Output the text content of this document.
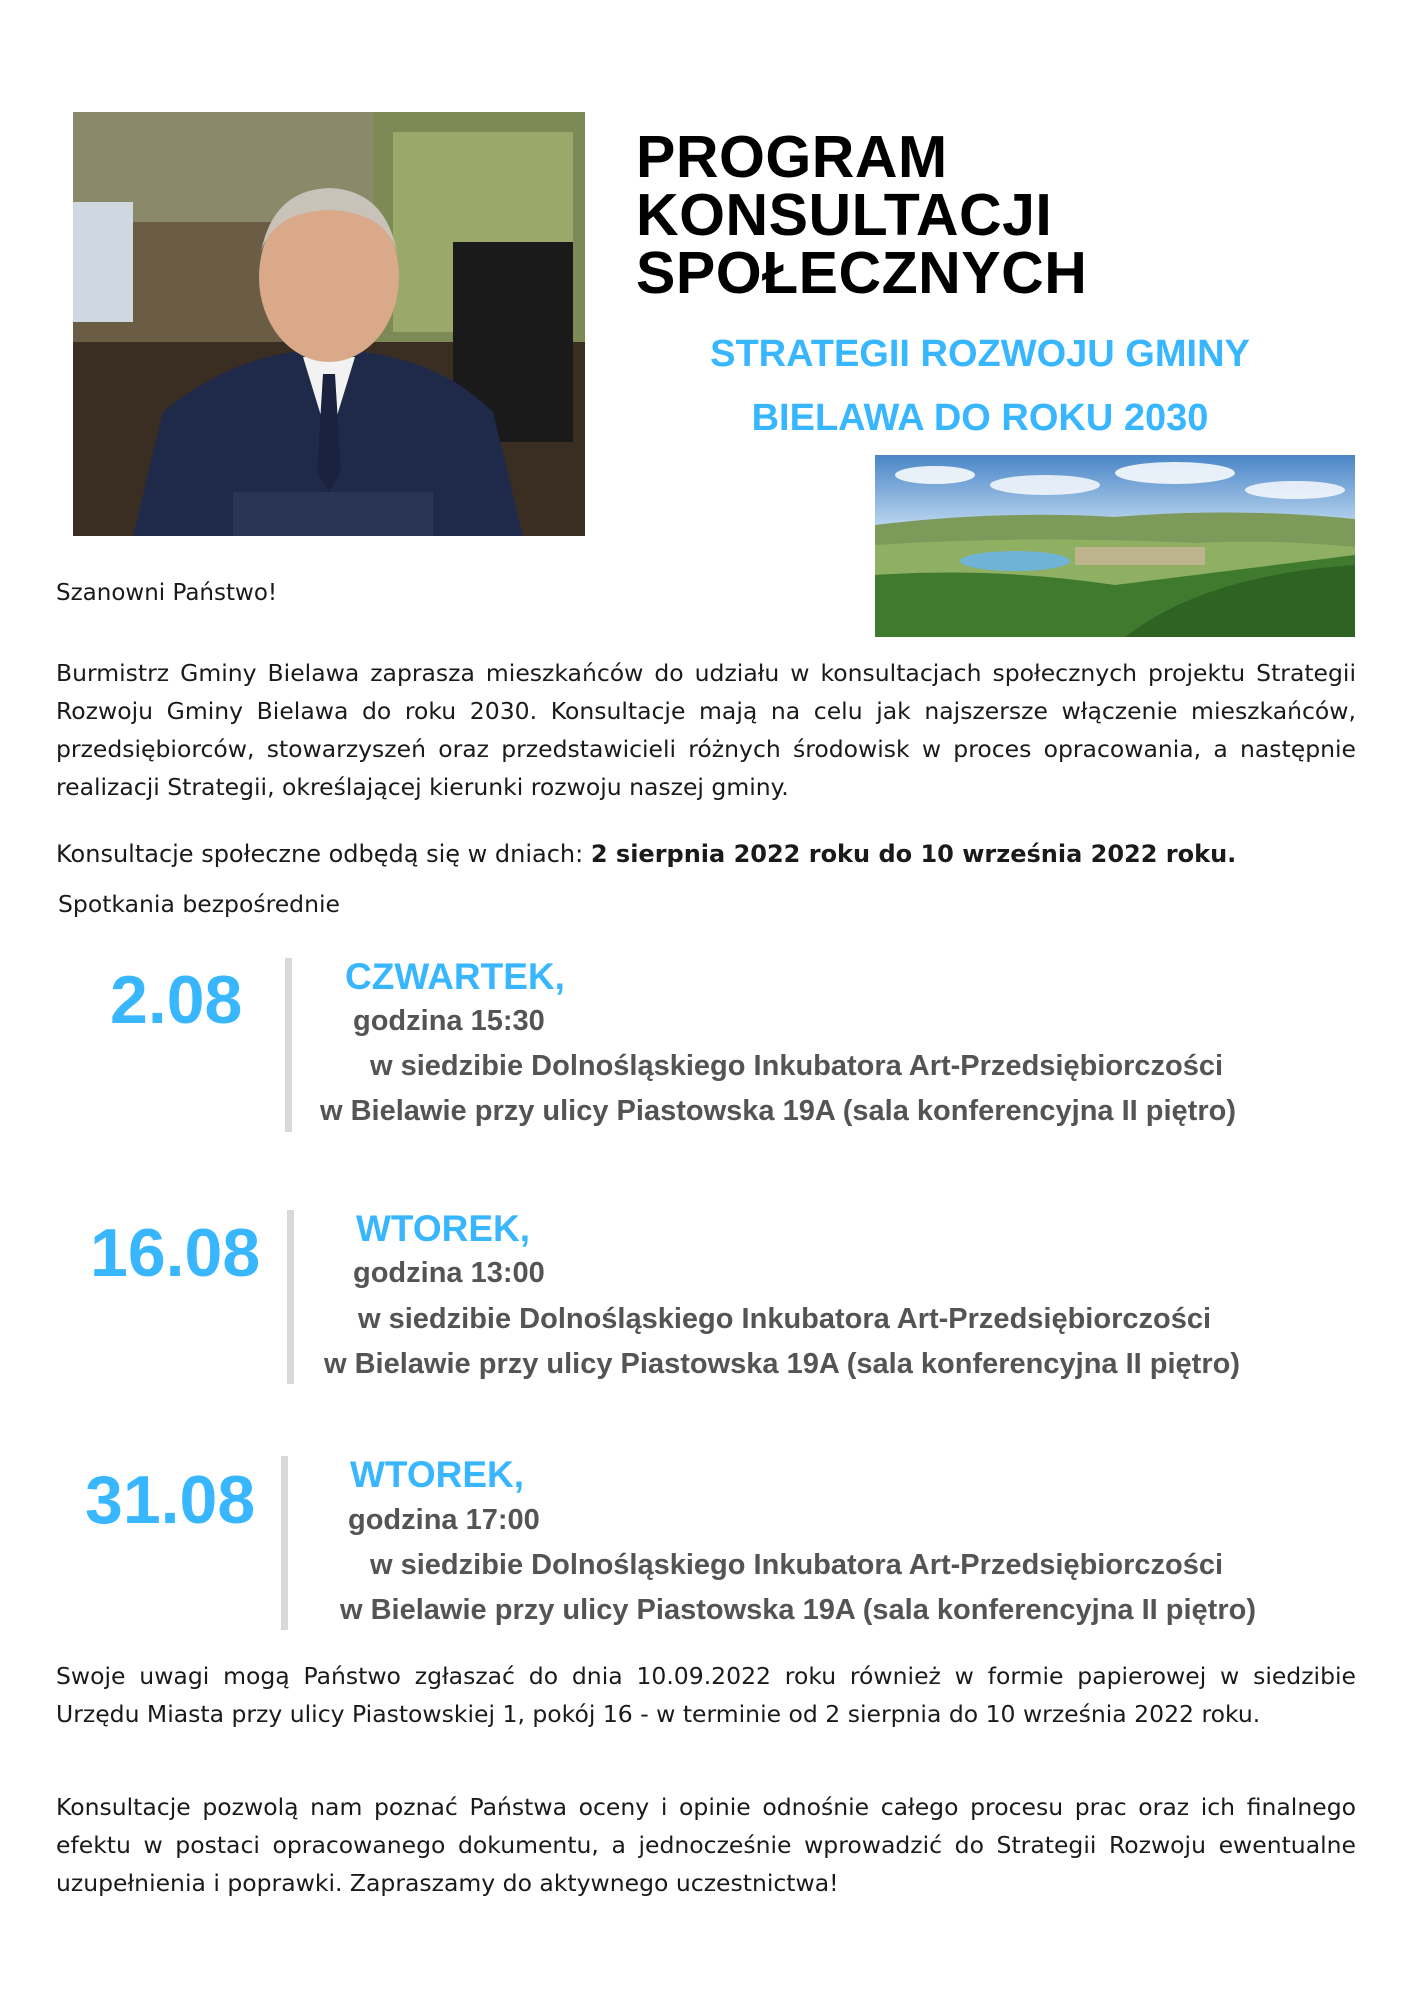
PROGRAM
KONSULTACJI
SPOŁECZNYCH
STRATEGII ROZWOJU GMINY
BIELAWA DO ROKU 2030
Szanowni Państwo!
Burmistrz Gminy Bielawa zaprasza mieszkańców do udziału w konsultacjach społecznych projektu Strategii Rozwoju Gminy Bielawa do roku 2030. Konsultacje mają na celu jak najszersze włączenie mieszkańców, przedsiębiorców, stowarzyszeń oraz przedstawicieli różnych środowisk w proces opracowania, a następnie realizacji Strategii, określającej kierunki rozwoju naszej gminy.
Konsultacje społeczne odbędą się w dniach: 2 sierpnia 2022 roku do 10 września 2022 roku.
Spotkania bezpośrednie
2.08	CZWARTEK,
godzina 15:30
w siedzibie Dolnośląskiego Inkubatora Art-Przedsiębiorczości
w Bielawie przy ulicy Piastowska 19A (sala konferencyjna II piętro)
16.08	WTOREK,
godzina 13:00
w siedzibie Dolnośląskiego Inkubatora Art-Przedsiębiorczości
w Bielawie przy ulicy Piastowska 19A (sala konferencyjna II piętro)
31.08	WTOREK,
godzina 17:00
w siedzibie Dolnośląskiego Inkubatora Art-Przedsiębiorczości
w Bielawie przy ulicy Piastowska 19A (sala konferencyjna II piętro)
Swoje uwagi mogą Państwo zgłaszać do dnia 10.09.2022 roku również w formie papierowej w siedzibie Urzędu Miasta przy ulicy Piastowskiej 1, pokój 16 - w terminie od 2 sierpnia do 10 września 2022 roku.
Konsultacje pozwolą nam poznać Państwa oceny i opinie odnośnie całego procesu prac oraz ich finalnego efektu w postaci opracowanego dokumentu, a jednocześnie wprowadzić do Strategii Rozwoju ewentualne uzupełnienia i poprawki. Zapraszamy do aktywnego uczestnictwa!
